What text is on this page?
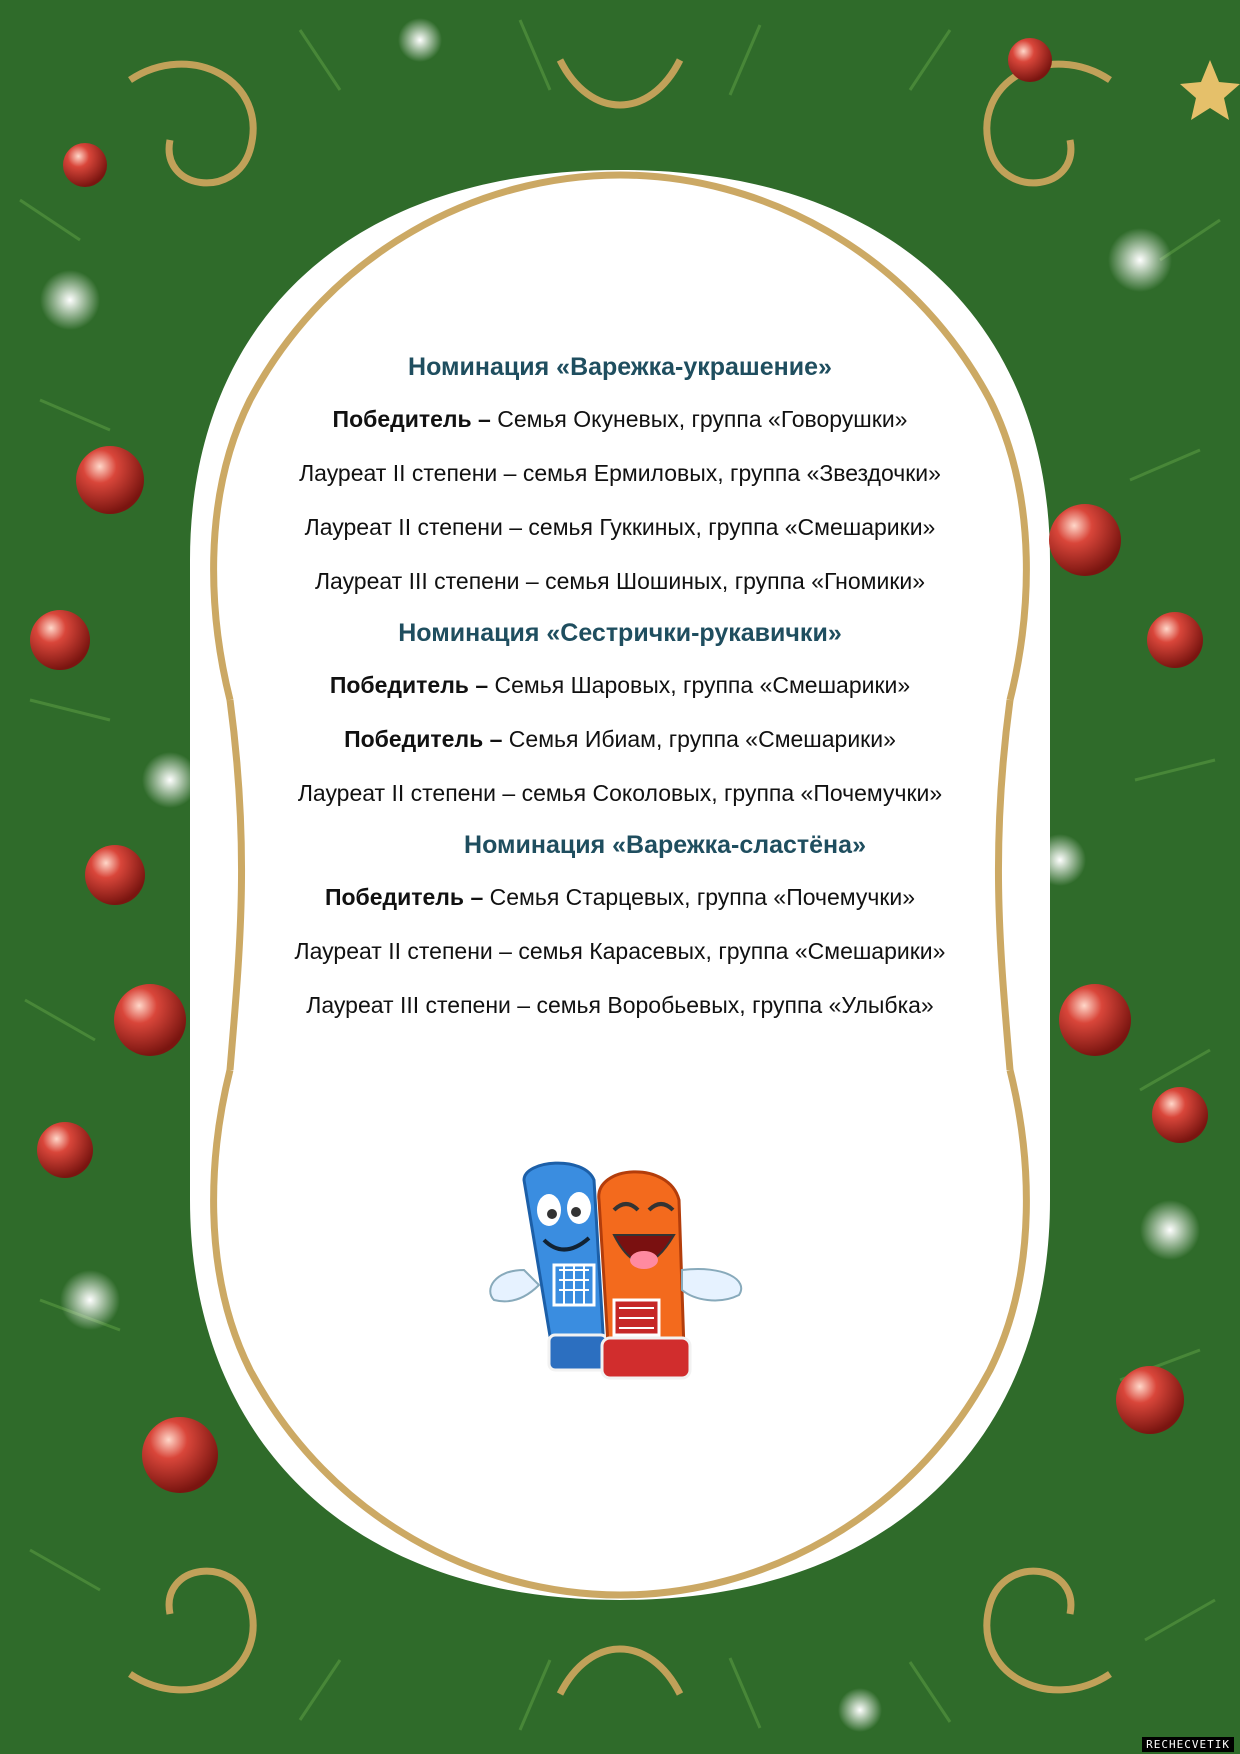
Номинация «Варежка-украшение»

Победитель – Семья Окуневых, группа «Говорушки»

Лауреат II степени – семья Ермиловых, группа «Звездочки»

Лауреат II степени – семья Гуккиных, группа «Смешарики»

Лауреат III степени – семья Шошиных, группа «Гномики»

Номинация «Сестрички-рукавички»

Победитель – Семья Шаровых, группа «Смешарики»

Победитель – Семья Ибиам, группа «Смешарики»

Лауреат II степени – семья Соколовых, группа «Почемучки»

Номинация «Варежка-сластёна»

Победитель – Семья Старцевых, группа «Почемучки»

Лауреат II степени – семья Карасевых, группа «Смешарики»

Лауреат III степени – семья Воробьевых, группа «Улыбка»

RECHECVETIK
